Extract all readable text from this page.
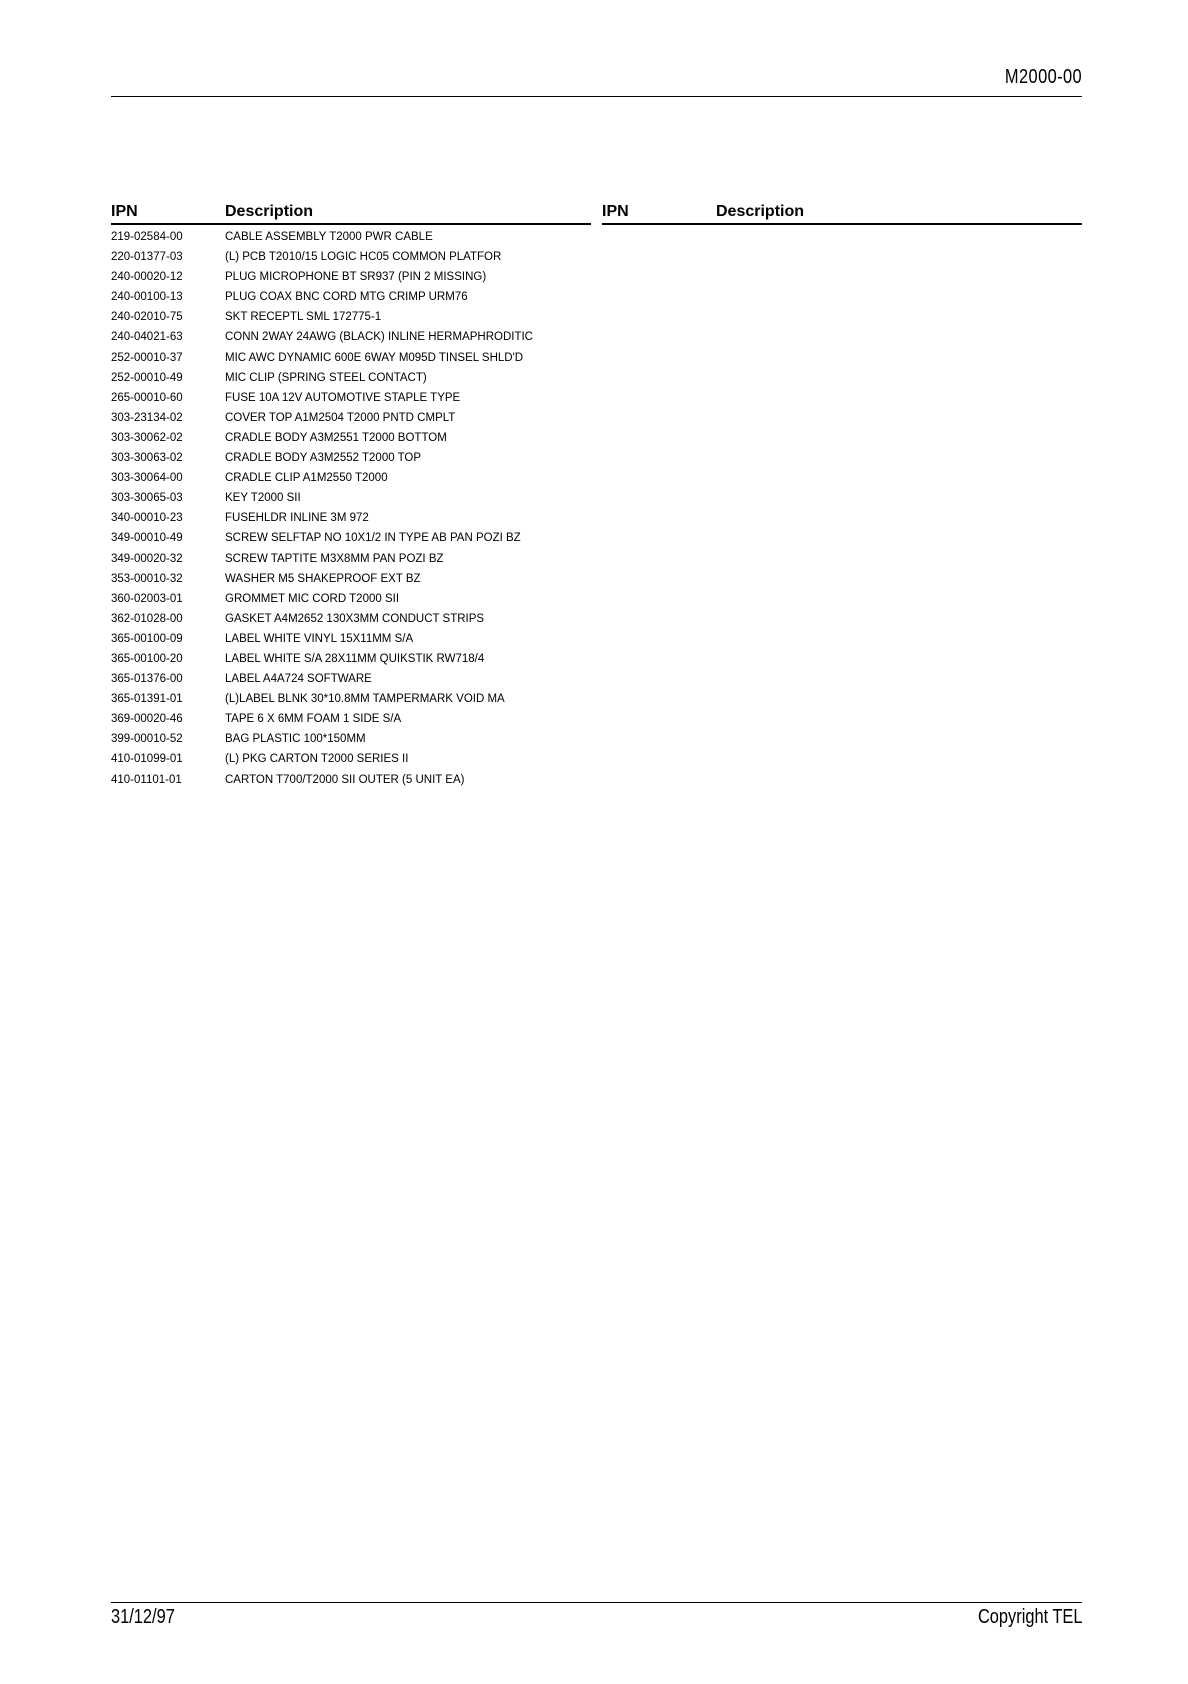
M2000-00
IPN	Description	IPN	Description
219-02584-00	CABLE ASSEMBLY T2000 PWR CABLE
220-01377-03	(L) PCB T2010/15 LOGIC HC05 COMMON PLATFOR
240-00020-12	PLUG MICROPHONE BT SR937 (PIN 2 MISSING)
240-00100-13	PLUG COAX BNC CORD MTG CRIMP URM76
240-02010-75	SKT RECEPTL SML 172775-1
240-04021-63	CONN 2WAY 24AWG (BLACK) INLINE HERMAPHRODITIC
252-00010-37	MIC AWC DYNAMIC 600E 6WAY M095D TINSEL SHLD'D
252-00010-49	MIC CLIP (SPRING STEEL CONTACT)
265-00010-60	FUSE 10A 12V AUTOMOTIVE STAPLE TYPE
303-23134-02	COVER TOP A1M2504 T2000 PNTD CMPLT
303-30062-02	CRADLE BODY A3M2551 T2000 BOTTOM
303-30063-02	CRADLE BODY A3M2552 T2000 TOP
303-30064-00	CRADLE CLIP A1M2550 T2000
303-30065-03	KEY T2000 SII
340-00010-23	FUSEHLDR INLINE 3M 972
349-00010-49	SCREW SELFTAP NO 10X1/2 IN TYPE AB PAN POZI BZ
349-00020-32	SCREW TAPTITE M3X8MM PAN POZI BZ
353-00010-32	WASHER M5 SHAKEPROOF EXT BZ
360-02003-01	GROMMET MIC CORD T2000 SII
362-01028-00	GASKET A4M2652 130X3MM CONDUCT STRIPS
365-00100-09	LABEL WHITE VINYL 15X11MM S/A
365-00100-20	LABEL WHITE S/A 28X11MM QUIKSTIK RW718/4
365-01376-00	LABEL A4A724 SOFTWARE
365-01391-01	(L)LABEL BLNK 30*10.8MM TAMPERMARK VOID MA
369-00020-46	TAPE 6 X 6MM FOAM 1 SIDE S/A
399-00010-52	BAG PLASTIC 100*150MM
410-01099-01	(L) PKG CARTON T2000 SERIES II
410-01101-01	CARTON T700/T2000 SII OUTER (5 UNIT EA)
31/12/97	Copyright TEL
